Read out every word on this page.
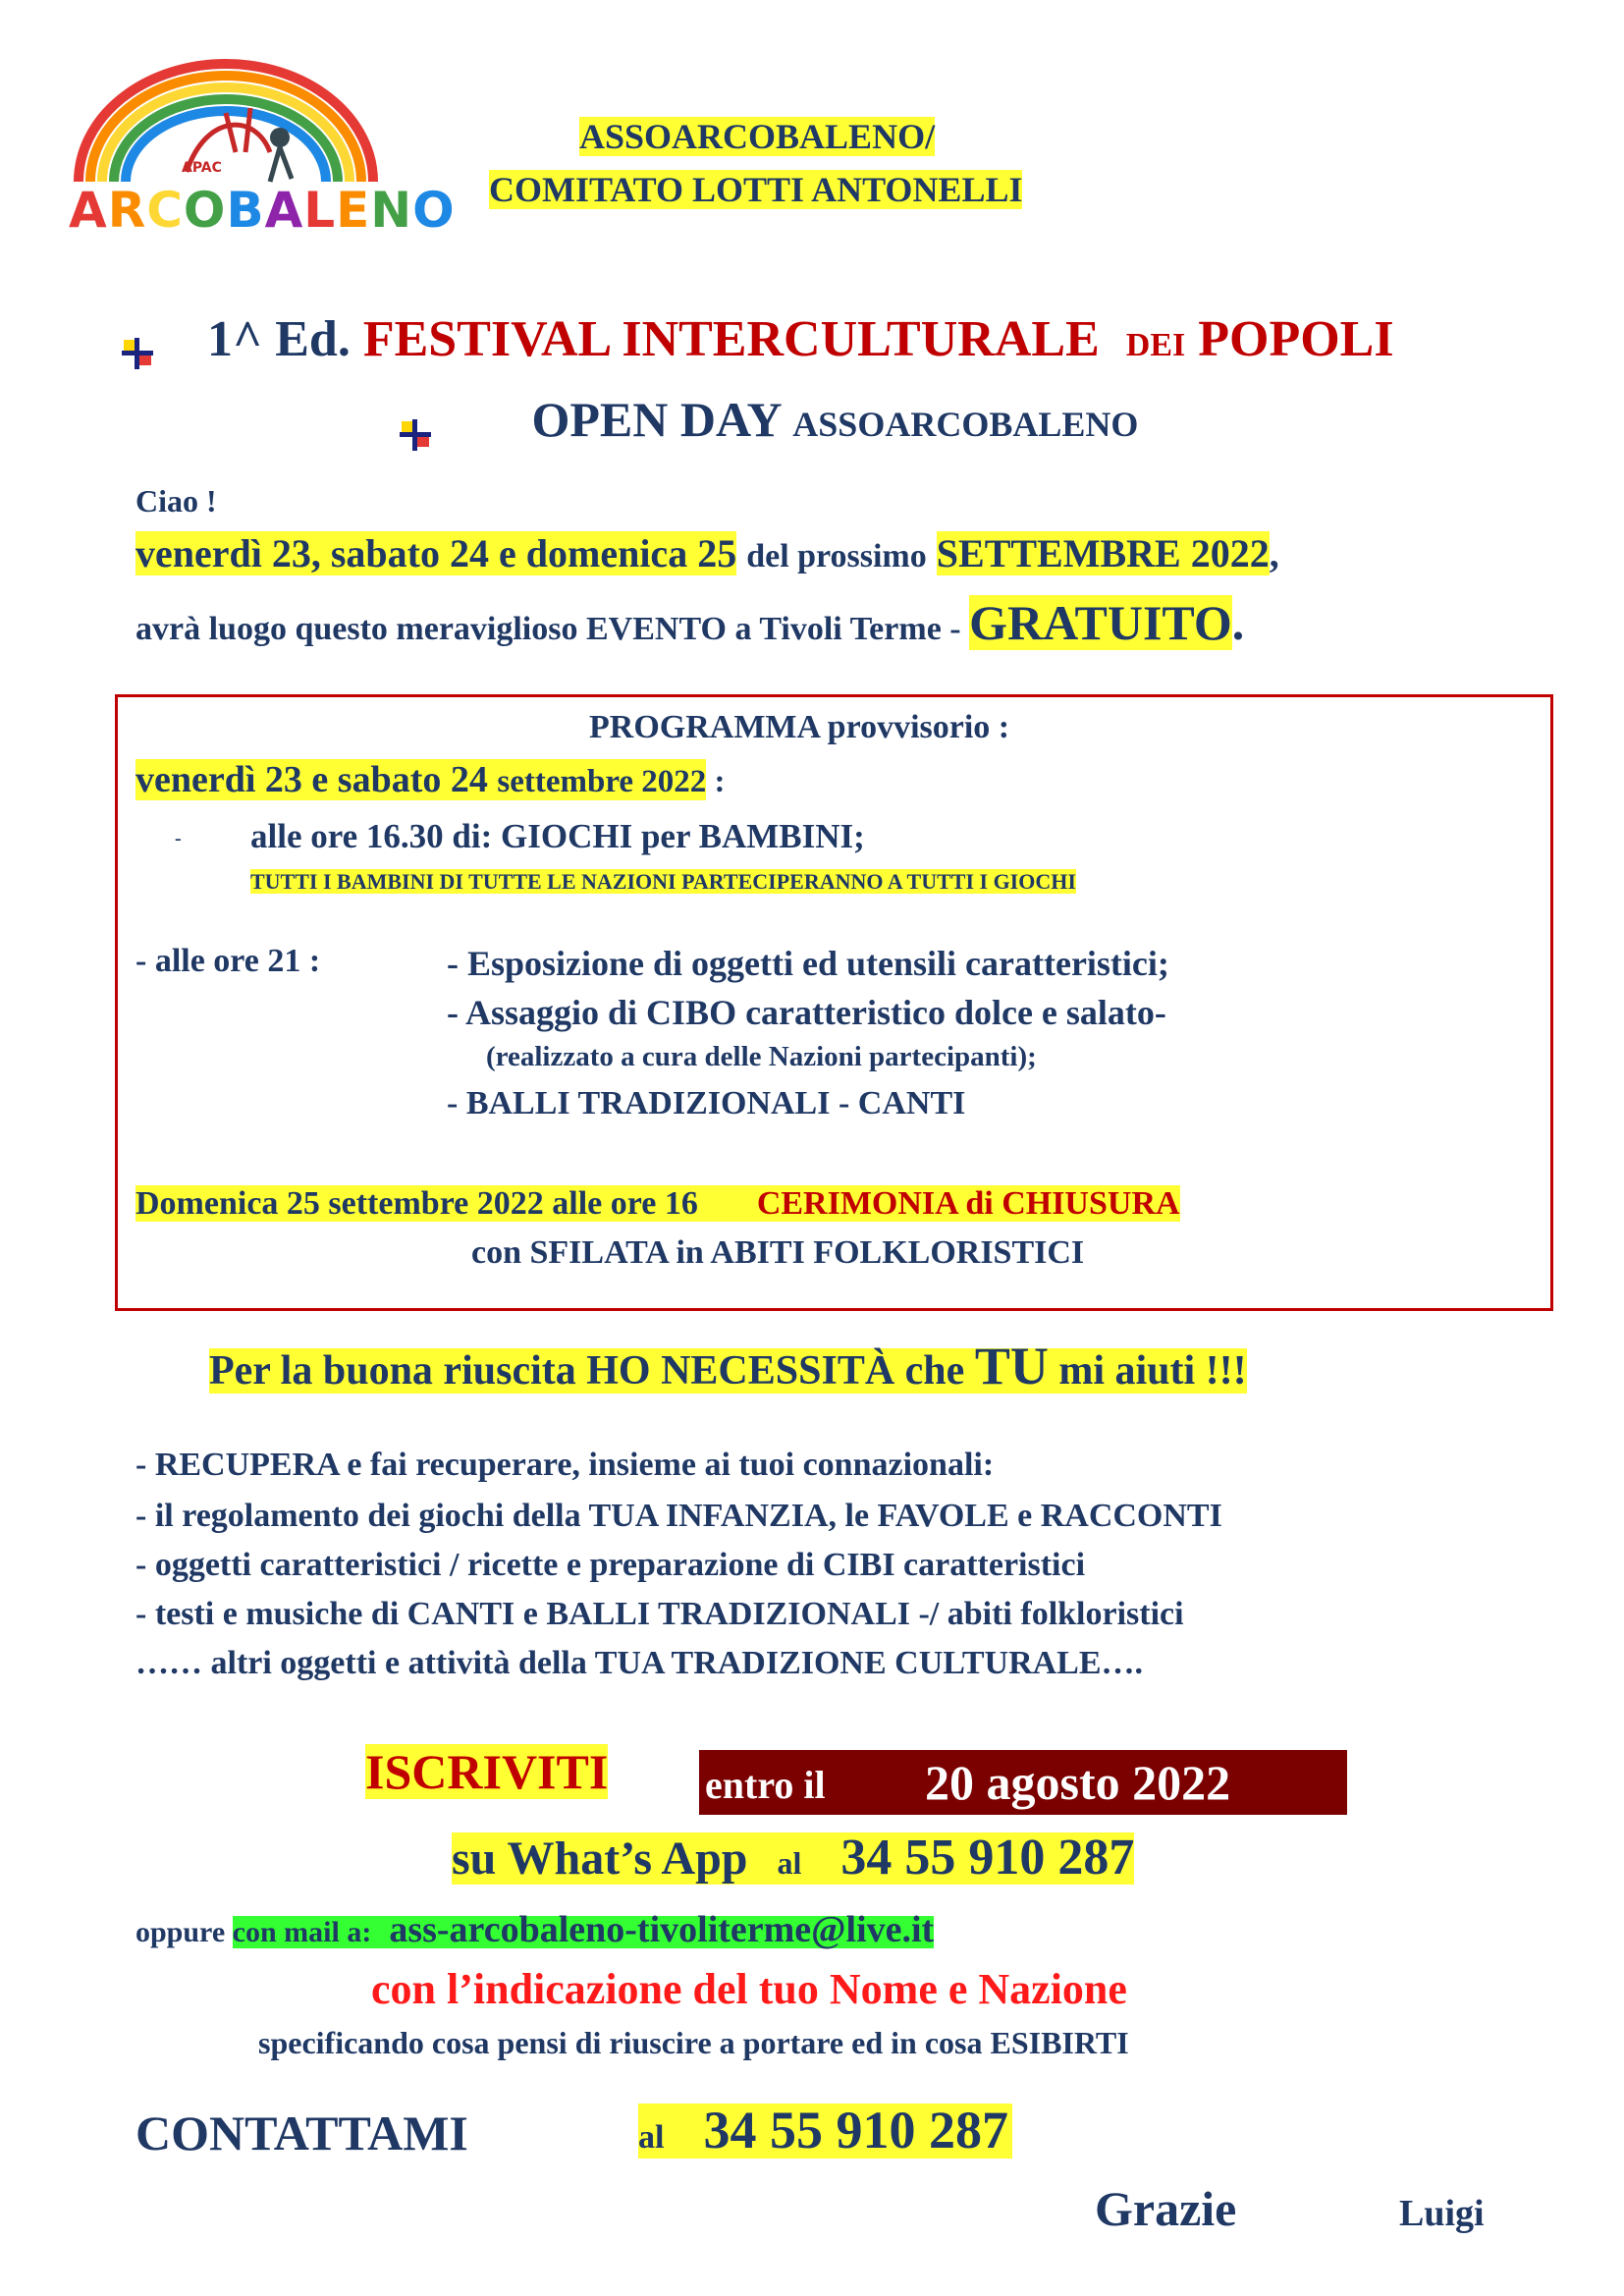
APAC
ARCOBALENO
ASSOARCOBALENO/
COMITATO LOTTI ANTONELLI
1^ Ed. FESTIVAL INTERCULTURALE DEI POPOLI
OPEN DAY ASSOARCOBALENO
Ciao !
venerdì 23, sabato 24 e domenica 25 del prossimo SETTEMBRE 2022,
avrà luogo questo meraviglioso EVENTO a Tivoli Terme - GRATUITO.
PROGRAMMA provvisorio :
venerdì 23 e sabato 24 settembre 2022 :
- alle ore 16.30 di: GIOCHI per BAMBINI;
TUTTI I BAMBINI DI TUTTE LE NAZIONI PARTECIPERANNO A TUTTI I GIOCHI
- alle ore 21 :	- Esposizione di oggetti ed utensili caratteristici;
- Assaggio di CIBO caratteristico dolce e salato-
(realizzato a cura delle Nazioni partecipanti);
- BALLI TRADIZIONALI - CANTI
Domenica 25 settembre 2022 alle ore 16 CERIMONIA di CHIUSURA
con SFILATA in ABITI FOLKLORISTICI
Per la buona riuscita HO NECESSITÀ che TU mi aiuti !!!
- RECUPERA e fai recuperare, insieme ai tuoi connazionali:
- il regolamento dei giochi della TUA INFANZIA, le FAVOLE e RACCONTI
- oggetti caratteristici / ricette e preparazione di CIBI caratteristici
- testi e musiche di CANTI e BALLI TRADIZIONALI -/ abiti folkloristici
…… altri oggetti e attività della TUA TRADIZIONE CULTURALE….
ISCRIVITI entro il 20 agosto 2022
su What’s App al 34 55 910 287
oppure con mail a: ass-arcobaleno-tivoliterme@live.it
con l’indicazione del tuo Nome e Nazione
specificando cosa pensi di riuscire a portare ed in cosa ESIBIRTI
CONTATTAMI	al 34 55 910 287
Grazie	Luigi
